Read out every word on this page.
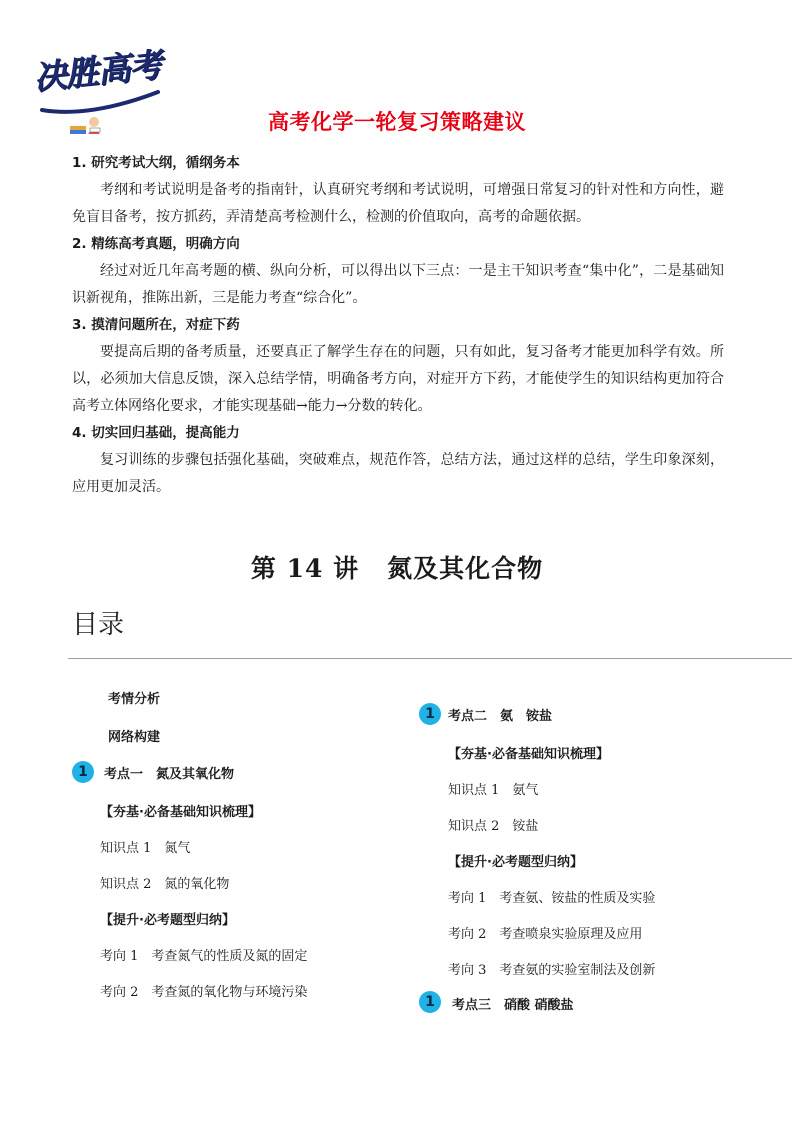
决胜高考
高考化学一轮复习策略建议
1. 研究考试大纲，循纲务本
考纲和考试说明是备考的指南针，认真研究考纲和考试说明，可增强日常复习的针对性和方向性，避免盲目备考，按方抓药，弄清楚高考检测什么，检测的价值取向，高考的命题依据。
2. 精练高考真题，明确方向
经过对近几年高考题的横、纵向分析，可以得出以下三点：一是主干知识考查“集中化”，二是基础知识新视角，推陈出新，三是能力考查“综合化”。
3. 摸清问题所在，对症下药
要提高后期的备考质量，还要真正了解学生存在的问题，只有如此，复习备考才能更加科学有效。所以，必须加大信息反馈，深入总结学情，明确备考方向，对症开方下药，才能使学生的知识结构更加符合高考立体网络化要求，才能实现基础→能力→分数的转化。
4. 切实回归基础，提高能力
复习训练的步骤包括强化基础，突破难点，规范作答，总结方法，通过这样的总结，学生印象深刻，应用更加灵活。
第 14 讲 氮及其化合物
目录
考情分析
网络构建
1	考点一　氮及其氧化物
【夯基·必备基础知识梳理】
知识点 1　氮气
知识点 2　氮的氧化物
【提升·必考题型归纳】
考向 1　考查氮气的性质及氮的固定
考向 2　考查氮的氧化物与环境污染
1	考点二　氨　铵盐
【夯基·必备基础知识梳理】
知识点 1　氨气
知识点 2　铵盐
【提升·必考题型归纳】
考向 1　考查氨、铵盐的性质及实验
考向 2　考查喷泉实验原理及应用
考向 3　考查氨的实验室制法及创新
1	考点三　硝酸 硝酸盐
